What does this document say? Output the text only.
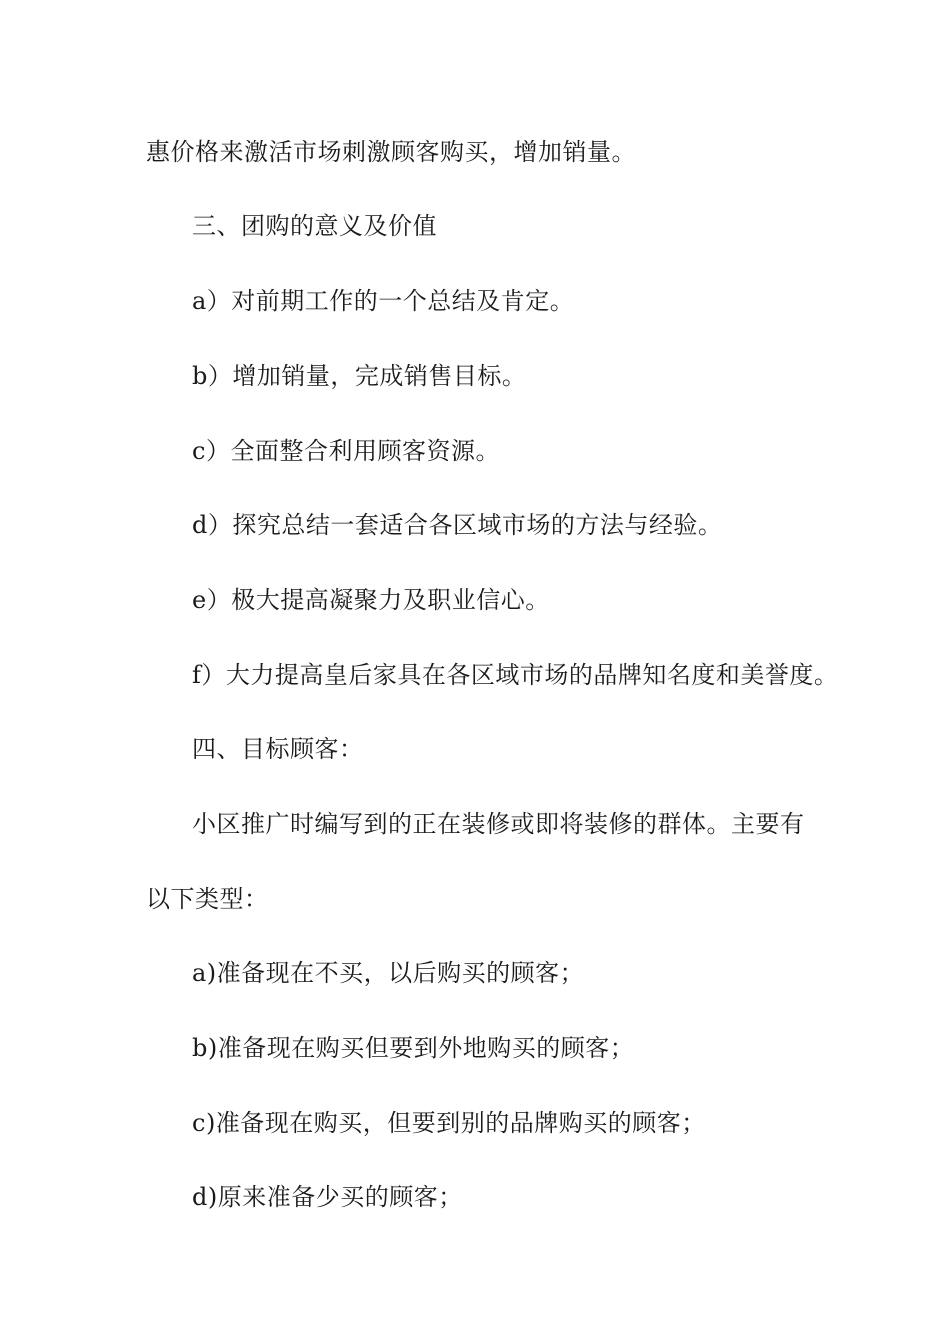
惠价格来激活市场刺激顾客购买，增加销量。
三、团购的意义及价值
a）对前期工作的一个总结及肯定。
b）增加销量，完成销售目标。
c）全面整合利用顾客资源。
d）探究总结一套适合各区域市场的方法与经验。
e）极大提高凝聚力及职业信心。
f）大力提高皇后家具在各区域市场的品牌知名度和美誉度。
四、目标顾客：
小区推广时编写到的正在装修或即将装修的群体。主要有
以下类型：
a)准备现在不买，以后购买的顾客；
b)准备现在购买但要到外地购买的顾客；
c)准备现在购买，但要到别的品牌购买的顾客；
d)原来准备少买的顾客；
